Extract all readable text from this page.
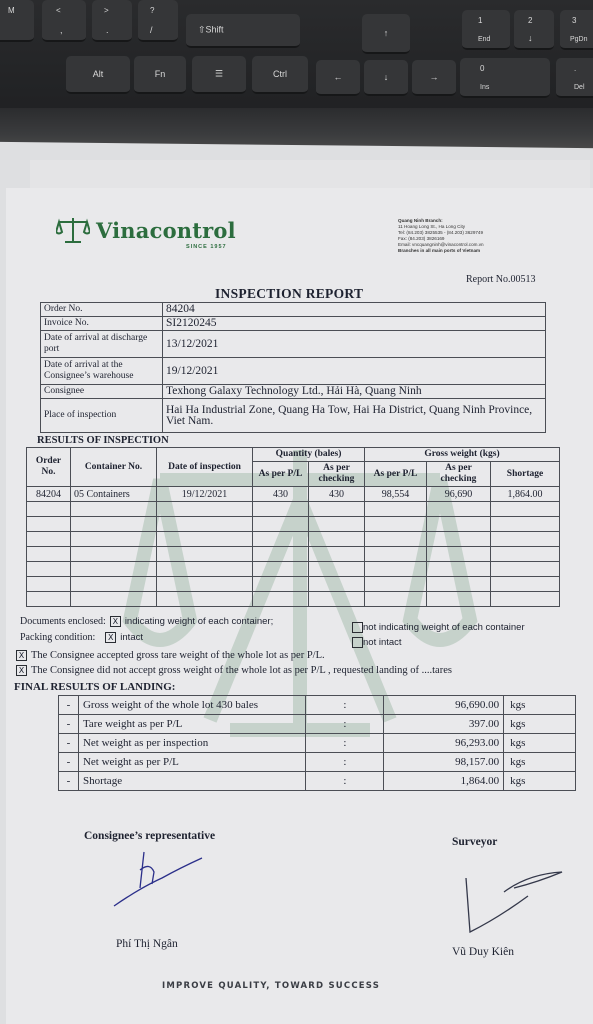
M	<
,
>
.
?
/	⇧Shift	↑
1
End
2
↓
3
PgDn
Alt	Fn	☰	Ctrl	←	↓	→
0
Ins
.
Del
Vinacontrol
SINCE 1957
Quang Ninh Branch:
11 Hoang Long St., Ha Long City
Tel: (84.203) 3825535 - (84.203) 3629749
Fax: (84.203) 3826169
Email: vncquangninh@vinacontrol.com.vn
Branches in all main ports of Vietnam
Report No.00513
INSPECTION REPORT
Order No.	84204
Invoice No.	SI2120245
Date of arrival at discharge port	13/12/2021
Date of arrival at the Consignee’s warehouse	19/12/2021
Consignee	Texhong Galaxy Technology Ltd., Hải Hà, Quang Ninh
Place of inspection	Hai Ha Industrial Zone, Quang Ha Tow, Hai Ha District, Quang Ninh Province, Viet Nam.
RESULTS OF INSPECTION
Order No.	Container No.	Date of inspection	Quantity (bales)		Gross weight (kgs)		
			As per P/L	As per checking	As per P/L	As per checking	Shortage
84204	05 Containers	19/12/2021	430	430	98,554	96,690	1,864.00

Documents enclosed: X indicating weight of each container;
not indicating weight of each container
Packing condition:	X intact	not intact
X The Consignee accepted gross tare weight of the whole lot as per P/L.
X The Consignee did not accept gross weight of the whole lot as per P/L , requested landing of ....tares
FINAL RESULTS OF LANDING:
-	Gross weight of the whole lot 430 bales	:	96,690.00	kgs
-	Tare weight as per P/L	:	397.00	kgs
-	Net weight as per inspection	:	96,293.00	kgs
-	Net weight as per P/L	:	98,157.00	kgs
-	Shortage	:	1,864.00	kgs
Consignee’s representative	Surveyor
Phí Thị Ngân
Vũ Duy Kiên
IMPROVE QUALITY, TOWARD SUCCESS
